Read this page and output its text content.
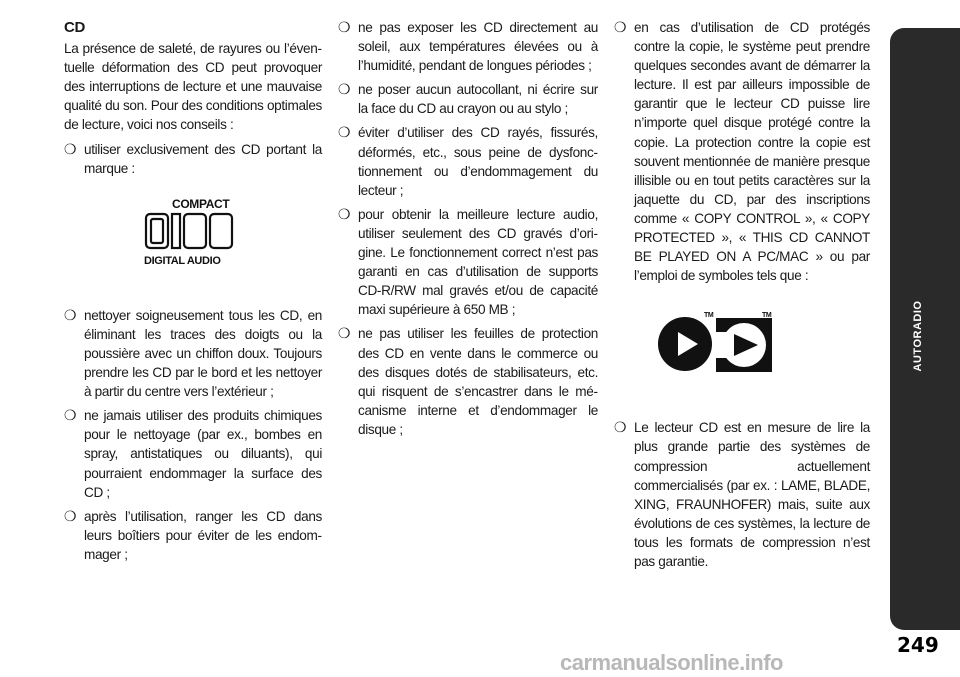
CD

La présence de saleté, de rayures ou l’éventuelle déformation des CD peut provoquer des interruptions de lecture et une mauvaise qualité du son. Pour des conditions optimales de lecture, voici nos conseils :

❍ utiliser exclusivement des CD portant la marque :
COMPACT
DIGITAL AUDIO
❍ nettoyer soigneusement tous les CD, en éliminant les traces des doigts ou la poussière avec un chiffon doux. Toujours prendre les CD par le bord et les nettoyer à partir du centre vers l’extérieur ;
❍ ne jamais utiliser des produits chimiques pour le nettoyage (par ex., bombes en spray, antistatiques ou diluants), qui pourraient endommager la surface des CD ;
❍ après l’utilisation, ranger les CD dans leurs boîtiers pour éviter de les endommager ;
❍ ne pas exposer les CD directement au soleil, aux températures élevées ou à l’humidité, pendant de longues périodes ;
❍ ne poser aucun autocollant, ni écrire sur la face du CD au crayon ou au stylo ;
❍ éviter d’utiliser des CD rayés, fissurés, déformés, etc., sous peine de dysfonctionnement ou d’endommagement du lecteur ;
❍ pour obtenir la meilleure lecture audio, utiliser seulement des CD gravés d’origine. Le fonctionnement correct n’est pas garanti en cas d’utilisation de supports CD-R/RW mal gravés et/ou de capacité maxi supérieure à 650 MB ;
❍ ne pas utiliser les feuilles de protection des CD en vente dans le commerce ou des disques dotés de stabilisateurs, etc. qui risquent de s’encastrer dans le mécanisme interne et d’endommager le disque ;
❍ en cas d’utilisation de CD protégés contre la copie, le système peut prendre quelques secondes avant de démarrer la lecture. Il est par ailleurs impossible de garantir que le lecteur CD puisse lire n’importe quel disque protégé contre la copie. La protection contre la copie est souvent mentionnée de manière presque illisible ou en tout petits caractères sur la jaquette du CD, par des inscriptions comme « COPY CONTROL », « COPY PROTECTED », « THIS CD CANNOT BE PLAYED ON A PC/MAC » ou par l’emploi de symboles tels que :
TM	TM
❍ Le lecteur CD est en mesure de lire la plus grande partie des systèmes de compression actuellement commercialisés (par ex. : LAME, BLADE, XING, FRAUNHOFER) mais, suite aux évolutions de ces systèmes, la lecture de tous les formats de compression n’est pas garantie.
AUTORADIO
249
carmanualsonline.info
